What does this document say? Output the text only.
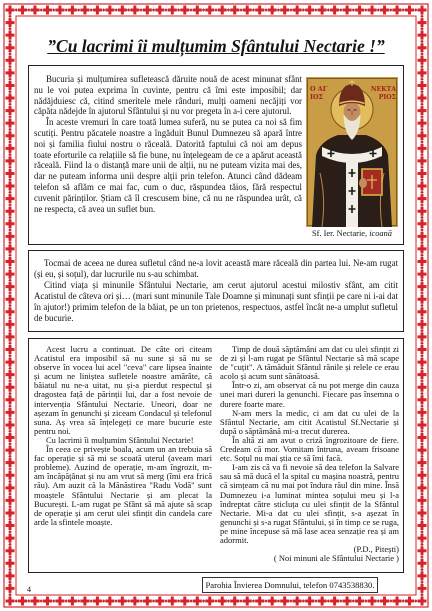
”Cu lacrimi îi mulțumim Sfântului Nectarie !”

Bucuria și mulțumirea sufletească dăruite nouă de acest minunat sfânt nu le voi putea exprima în cuvinte, pentru că îmi este imposibil; dar nădăjduiesc că, citind smeritele mele rânduri, mulți oameni necăjiți vor căpăta nădejde în ajutorul Sfântului și nu vor pregeta în a-i cere ajutorul.

În aceste vremuri în care toată lumea suferă, nu se putea ca noi să fim scutiți. Pentru păcatele noastre a îngăduit Bunul Dumnezeu să apară între noi și familia fiului nostru o răceală. Datorită faptului că noi am depus toate eforturile ca relațiile să fie bune, nu înțelegeam de ce a apărut această răceală. Fiind la o distanță mare unii de alții, nu ne puteam vizita mai des, dar ne puteam informa unii despre alții prin telefon. Atunci când dădeam telefon să aflăm ce mai fac, cum o duc, răspundea tăios, fără respectul cuvenit părinților. Știam că îl crescusem bine, că nu ne răspundea urât, că ne respecta, că avea un suflet bun.

Ο ΑΓ
ΙΟΣ
ΝΕΚΤΑ
ΡΙΟΣ
Sf. Ier. Nectarie, icoană

Tocmai de aceea ne durea sufletul când ne-a lovit această mare răceală din partea lui. Ne-am rugat (și eu, și soțul), dar lucrurile nu s-au schimbat.

Citind viața și minunile Sfântului Nectarie, am cerut ajutorul acestui milostiv sfânt, am citit Acatistul de câteva ori și… (mari sunt minunile Tale Doamne și minunați sunt sfinții pe care ni i-ai dat în ajutor!) primim telefon de la băiat, pe un ton prietenos, respectuos, astfel încât ne-a umplut sufletul de bucurie.

Acest lucru a continuat. De câte ori citeam Acatistul era imposibil să nu sune și să nu se observe în vocea lui acel "ceva" care lipsea înainte și acum ne liniștea sufletele noastre amărâte, că băiatul nu ne-a uitat, nu și-a pierdut respectul și dragostea față de părinții lui, dar a fost nevoie de intervenția Sfântului Nectarie. Uneori, doar ne așezam în genunchi și ziceam Condacul și telefonul suna. Aș vrea să înțelegeți ce mare bucurie este pentru noi.

Cu lacrimi îi mulțumim Sfântului Nectarie!

În ceea ce privește boala, acum un an trebuia să fac operație și să mi se scoată uterul (aveam mari probleme). Auzind de operație, m-am îngrozit, m-am încăpățânat și nu am vrut să merg (îmi era frică rău). Am auzit că la Mănăstirea "Radu Vodă" sunt moaștele Sfântului Nectarie și am plecat la București. L-am rugat pe Sfânt să mă ajute să scap de operație și am cerut ulei sfințit din candela care arde la sfintele moaște.

Timp de două săptămâni am dat cu ulei sfințit zi de zi și l-am rugat pe Sfântul Nectarie să mă scape de "cuțit". A tămăduit Sfântul rănile și relele ce erau acolo și acum sunt sănătoasă.

Într-o zi, am observat că nu pot merge din cauza unei mari dureri la genunchi. Fiecare pas însemna o durere foarte mare.

N-am mers la medic, ci am dat cu ulei de la Sfântul Nectarie, am citit Acatistul Sf.Nectarie și după o săptămână mi-a trecut durerea.

În altă zi am avut o criză îngrozitoare de fiere. Credeam că mor. Vomitam întruna, aveam frisoane etc. Soțul nu mai știa ce să îmi facă.

I-am zis că va fi nevoie să dea telefon la Salvare sau să mă ducă el la spital cu mașina noastră, pentru că simțeam că nu mai pot îndura răul din mine. Însă Dumnezeu i-a luminat mintea soțului meu și l-a îndreptat către sticluța cu ulei sfințit de la Sfântul Nectarie. Mi-a dat cu ulei sfințit, s-a așezat în genunchi și s-a rugat Sfântului, și în timp ce se ruga, pe mine începuse să mă lase acea senzație rea și am adormit.

(P.D., Pitești)

( Noi minuni ale Sfântului Nectarie )

Parohia Învierea Domnului, telefon 0743538830.
4
